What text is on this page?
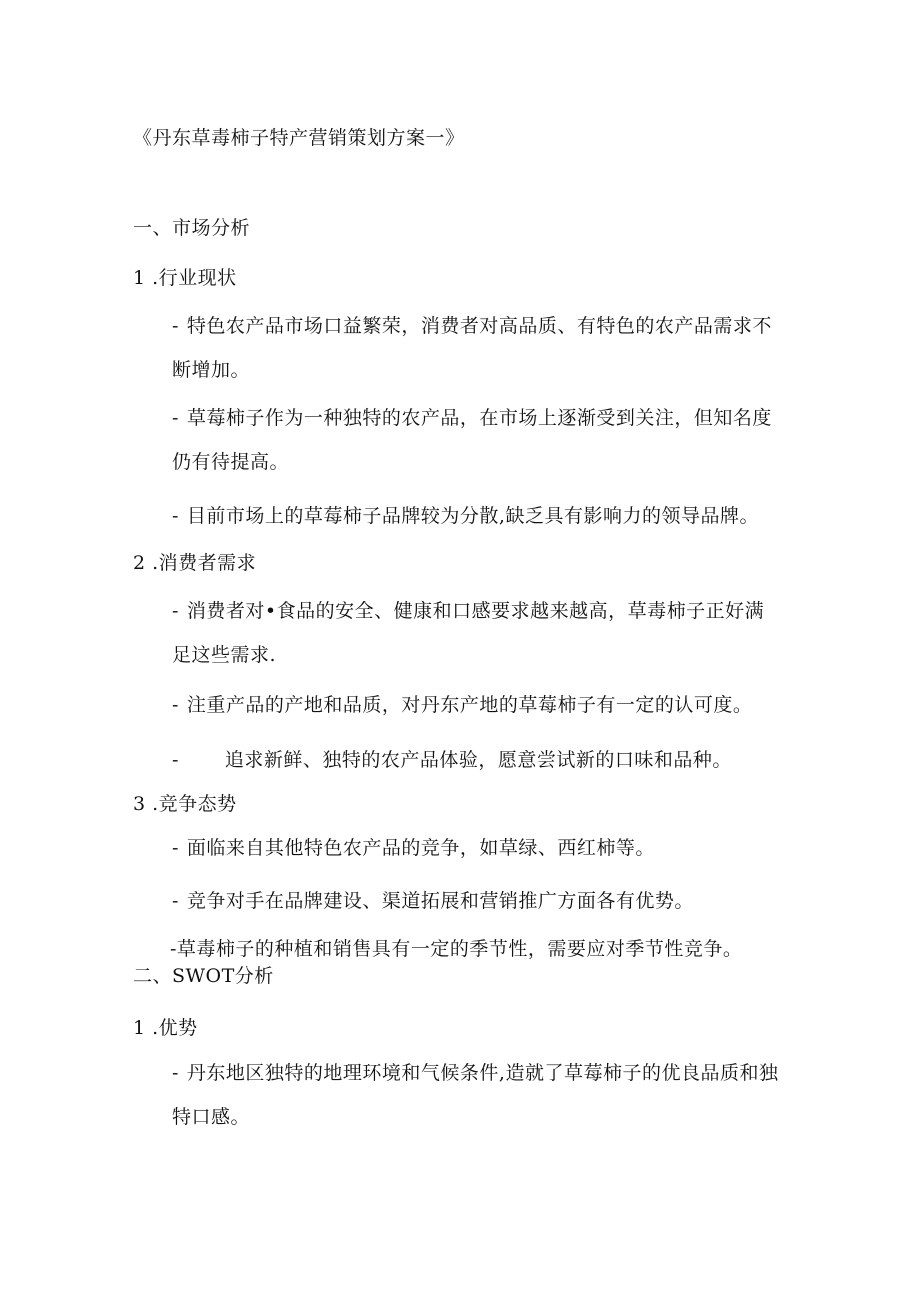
《丹东草毒柿子特产营销策划方案一》
一、市场分析
1 .行业现状
- 特色农产品市场口益繁荣，消费者对高品质、有特色的农产品需求不断增加。
- 草莓柿子作为一种独特的农产品，在市场上逐渐受到关注，但知名度仍有待提高。
- 目前市场上的草莓柿子品牌较为分散,缺乏具有影响力的领导品牌。
2 .消费者需求
- 消费者对•食品的安全、健康和口感要求越来越高，草毒柿子正好满足这些需求.
- 注重产品的产地和品质，对丹东产地的草莓柿子有一定的认可度。
- 追求新鲜、独特的农产品体验，愿意尝试新的口味和品种。
3 .竞争态势
- 面临来自其他特色农产品的竞争，如草绿、西红柿等。
- 竞争对手在品牌建设、渠道拓展和营销推广方面各有优势。
-草毒柿子的种植和销售具有一定的季节性，需要应对季节性竞争。
二、SWOT分析
1 .优势
- 丹东地区独特的地理环境和气候条件,造就了草莓柿子的优良品质和独特口感。
